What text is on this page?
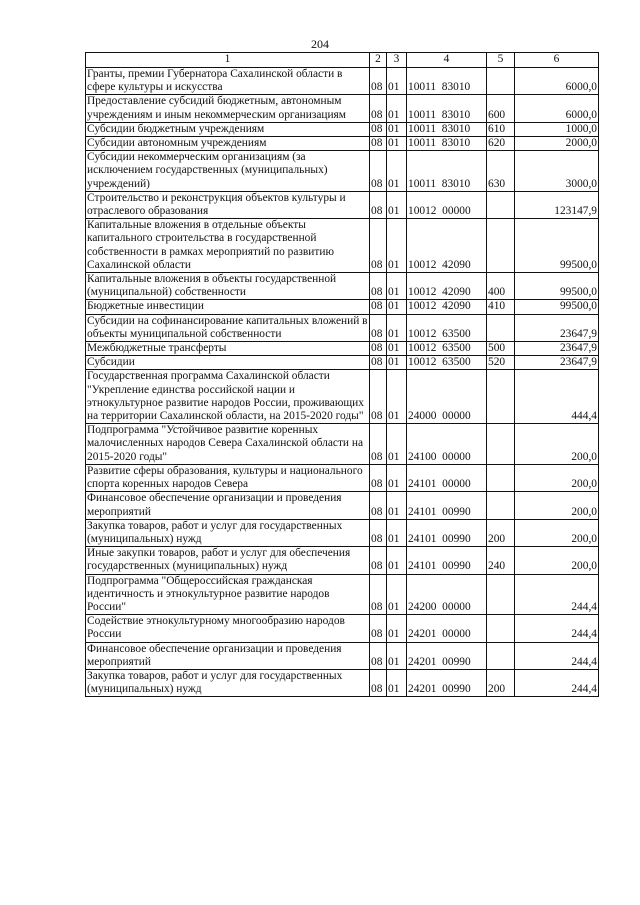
204
1	2	3	4	5	6
Гранты, премии Губернатора Сахалинской области в сфере культуры и искусства	08	01	10011  83010		6000,0
Предоставление субсидий бюджетным, автономным учреждениям и иным некоммерческим организациям	08	01	10011  83010	600	6000,0
Субсидии бюджетным учреждениям	08	01	10011  83010	610	1000,0
Субсидии автономным учреждениям	08	01	10011  83010	620	2000,0
Субсидии некоммерческим организациям (за исключением государственных (муниципальных) учреждений)	08	01	10011  83010	630	3000,0
Строительство и реконструкция объектов культуры и отраслевого образования	08	01	10012  00000		123147,9
Капитальные вложения в отдельные объекты капитального строительства в государственной собственности в рамках мероприятий по развитию Сахалинской области	08	01	10012  42090		99500,0
Капитальные вложения в объекты государственной (муниципальной) собственности	08	01	10012  42090	400	99500,0
Бюджетные инвестиции	08	01	10012  42090	410	99500,0
Субсидии на софинансирование капитальных вложений в объекты муниципальной собственности	08	01	10012  63500		23647,9
Межбюджетные трансферты	08	01	10012  63500	500	23647,9
Субсидии	08	01	10012  63500	520	23647,9
Государственная программа Сахалинской области "Укрепление единства российской нации и этнокультурное развитие народов России, проживающих на территории Сахалинской области, на 2015-2020 годы"	08	01	24000  00000		444,4
Подпрограмма "Устойчивое развитие коренных малочисленных народов Севера Сахалинской области на 2015-2020 годы"	08	01	24100  00000		200,0
Развитие сферы образования, культуры и национального спорта коренных народов Севера	08	01	24101  00000		200,0
Финансовое обеспечение организации и проведения мероприятий	08	01	24101  00990		200,0
Закупка товаров, работ и услуг для государственных (муниципальных) нужд	08	01	24101  00990	200	200,0
Иные закупки товаров, работ и услуг для обеспечения государственных (муниципальных) нужд	08	01	24101  00990	240	200,0
Подпрограмма "Общероссийская гражданская идентичность и этнокультурное развитие народов России"	08	01	24200  00000		244,4
Содействие этнокультурному многообразию народов России	08	01	24201  00000		244,4
Финансовое обеспечение организации и проведения мероприятий	08	01	24201  00990		244,4
Закупка товаров, работ и услуг для государственных (муниципальных) нужд	08	01	24201  00990	200	244,4
